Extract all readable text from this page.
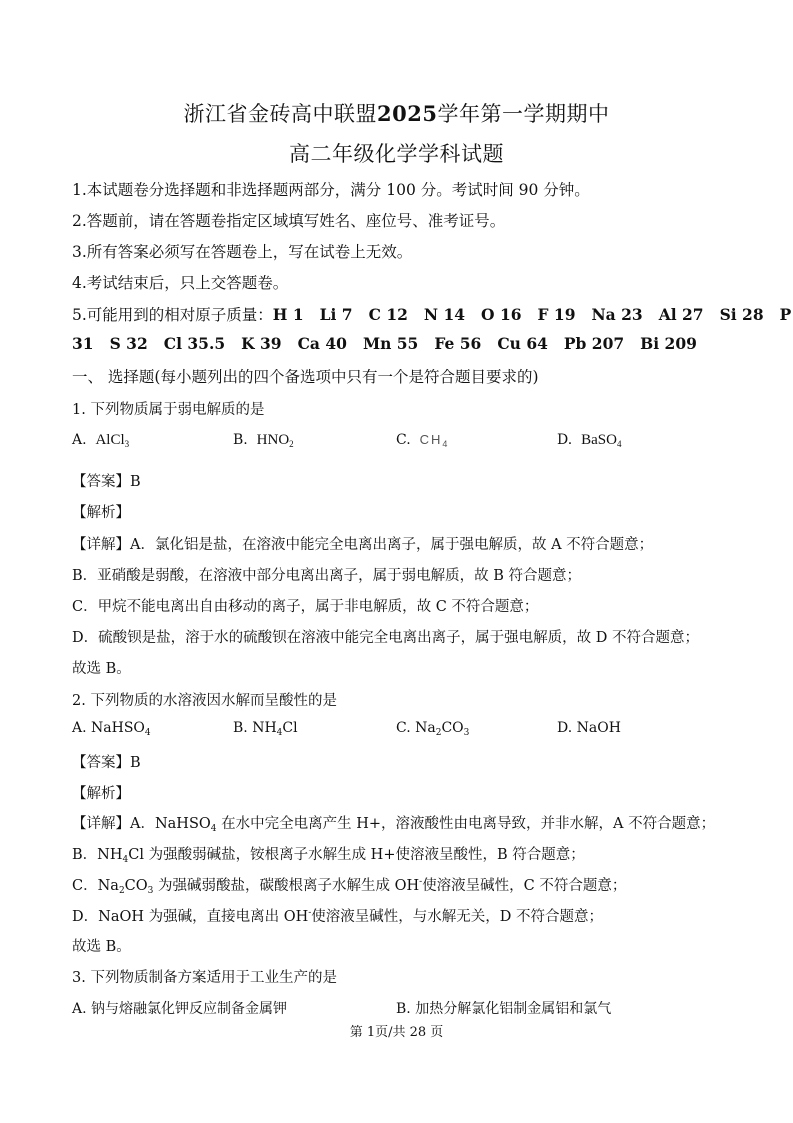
浙江省金砖高中联盟2025学年第一学期期中
高二年级化学学科试题
1.本试题卷分选择题和非选择题两部分，满分 100 分。考试时间 90 分钟。
2.答题前，请在答题卷指定区域填写姓名、座位号、准考证号。
3.所有答案必须写在答题卷上，写在试卷上无效。
4.考试结束后，只上交答题卷。
5.可能用到的相对原子质量：H 1 Li 7 C 12 N 14 O 16 F 19 Na 23 Al 27 Si 28 P
31 S 32 Cl 35.5 K 39 Ca 40 Mn 55 Fe 56 Cu 64 Pb 207 Bi 209
一、 选择题(每小题列出的四个备选项中只有一个是符合题目要求的)
1. 下列物质属于弱电解质的是
A. AlCl$_3$	B. $HNO_2$	C. $CH_4$	D. BaSO$_4$
【答案】B
【解析】
【详解】A．氯化铝是盐，在溶液中能完全电离出离子，属于强电解质，故 A 不符合题意；
B．亚硝酸是弱酸，在溶液中部分电离出离子，属于弱电解质，故 B 符合题意；
C．甲烷不能电离出自由移动的离子，属于非电解质，故 C 不符合题意；
D．硫酸钡是盐，溶于水的硫酸钡在溶液中能完全电离出离子，属于强电解质，故 D 不符合题意；
故选 B。
2. 下列物质的水溶液因水解而呈酸性的是
A. NaHSO$_4$	B. $NH_4Cl$	C. $Na_2CO_3$	D. NaOH
【答案】B
【解析】
【详解】A．NaHSO$_4$ 在水中完全电离产生 H+，溶液酸性由电离导致，并非水解，A 不符合题意；
B．$NH_4Cl$ 为强酸弱碱盐，铵根离子水解生成 H+使溶液呈酸性，B 符合题意；
C．$Na_2CO_3$ 为强碱弱酸盐，碳酸根离子水解生成 OH-使溶液呈碱性，C 不符合题意；
D．NaOH 为强碱，直接电离出 OH-使溶液呈碱性，与水解无关，D 不符合题意；
故选 B。
3. 下列物质制备方案适用于工业生产的是
A. 钠与熔融氯化钾反应制备金属钾	B. 加热分解氯化铝制金属铝和氯气
第 1页/共 28 页
